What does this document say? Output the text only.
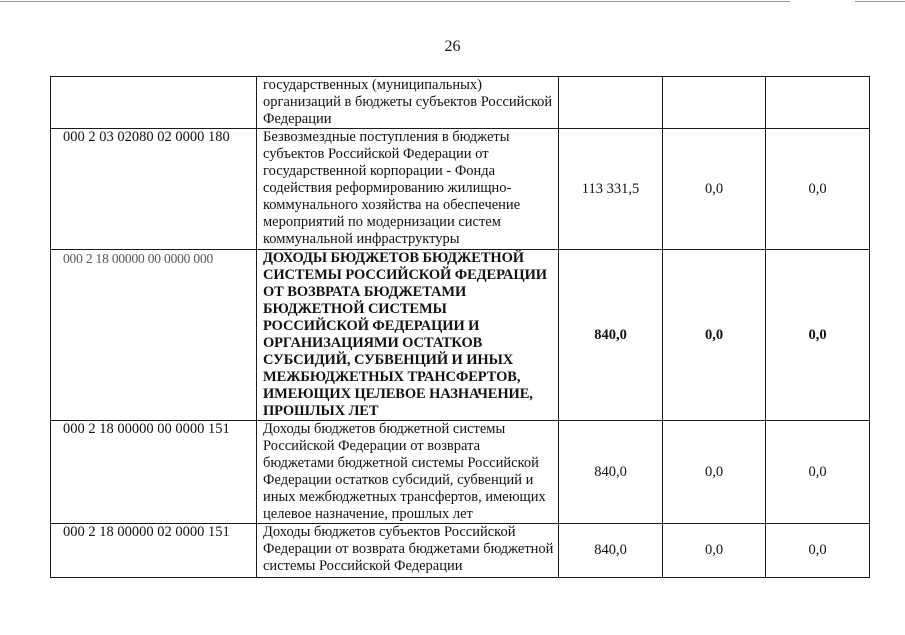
26
	государственных (муниципальных) организаций в бюджеты субъектов Российской Федерации			
000 2 03 02080 02 0000 180	Безвозмездные поступления в бюджеты субъектов Российской Федерации от государственной корпорации - Фонда содействия реформированию жилищно-коммунального хозяйства на обеспечение мероприятий по модернизации систем коммунальной инфраструктуры	113 331,5	0,0	0,0
000 2 18 00000 00 0000 000	ДОХОДЫ БЮДЖЕТОВ БЮДЖЕТНОЙ СИСТЕМЫ РОССИЙСКОЙ ФЕДЕРАЦИИ ОТ ВОЗВРАТА БЮДЖЕТАМИ БЮДЖЕТНОЙ СИСТЕМЫ РОССИЙСКОЙ ФЕДЕРАЦИИ И ОРГАНИЗАЦИЯМИ ОСТАТКОВ СУБСИДИЙ, СУБВЕНЦИЙ И ИНЫХ МЕЖБЮДЖЕТНЫХ ТРАНСФЕРТОВ, ИМЕЮЩИХ ЦЕЛЕВОЕ НАЗНАЧЕНИЕ, ПРОШЛЫХ ЛЕТ	840,0	0,0	0,0
000 2 18 00000 00 0000 151	Доходы бюджетов бюджетной системы Российской Федерации от возврата бюджетами бюджетной системы Российской Федерации остатков субсидий, субвенций и иных межбюджетных трансфертов, имеющих целевое назначение, прошлых лет	840,0	0,0	0,0
000 2 18 00000 02 0000 151	Доходы бюджетов субъектов Российской Федерации от возврата бюджетами бюджетной системы Российской Федерации	840,0	0,0	0,0
